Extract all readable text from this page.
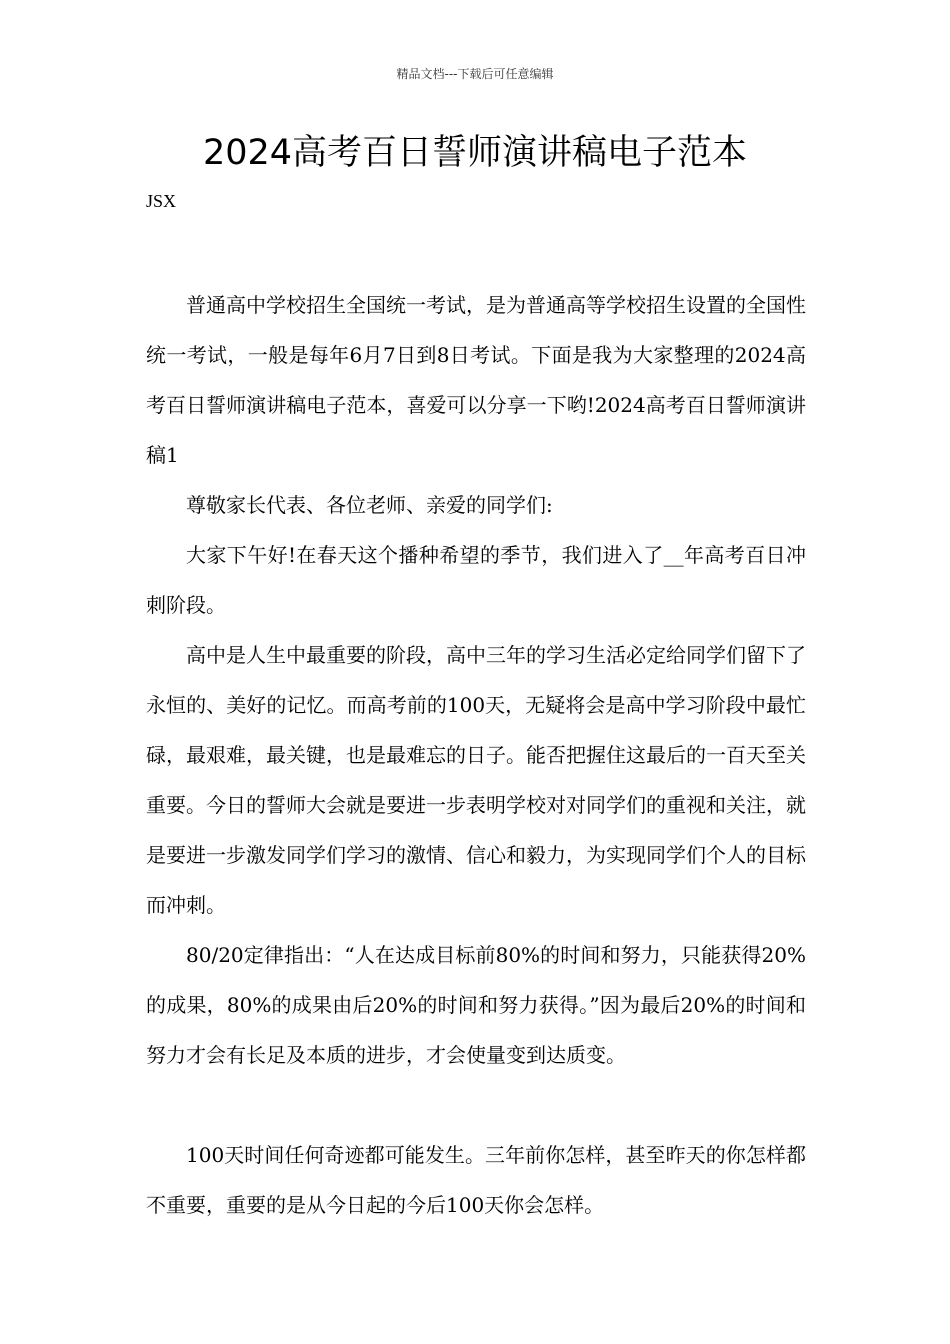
精品文档---下载后可任意编辑
2024高考百日誓师演讲稿电子范本
JSX

普通高中学校招生全国统一考试，是为普通高等学校招生设置的全国性统一考试，一般是每年6月7日到8日考试。下面是我为大家整理的2024高考百日誓师演讲稿电子范本，喜爱可以分享一下哟!2024高考百日誓师演讲稿1

尊敬家长代表、各位老师、亲爱的同学们:

大家下午好!在春天这个播种希望的季节，我们进入了__年高考百日冲刺阶段。

高中是人生中最重要的阶段，高中三年的学习生活必定给同学们留下了永恒的、美好的记忆。而高考前的100天，无疑将会是高中学习阶段中最忙碌，最艰难，最关键，也是最难忘的日子。能否把握住这最后的一百天至关重要。今日的誓师大会就是要进一步表明学校对对同学们的重视和关注，就是要进一步激发同学们学习的激情、信心和毅力，为实现同学们个人的目标而冲刺。

80/20定律指出：“人在达成目标前80%的时间和努力，只能获得20%的成果，80%的成果由后20%的时间和努力获得。”因为最后20%的时间和努力才会有长足及本质的进步，才会使量变到达质变。

100天时间任何奇迹都可能发生。三年前你怎样，甚至昨天的你怎样都不重要，重要的是从今日起的今后100天你会怎样。
